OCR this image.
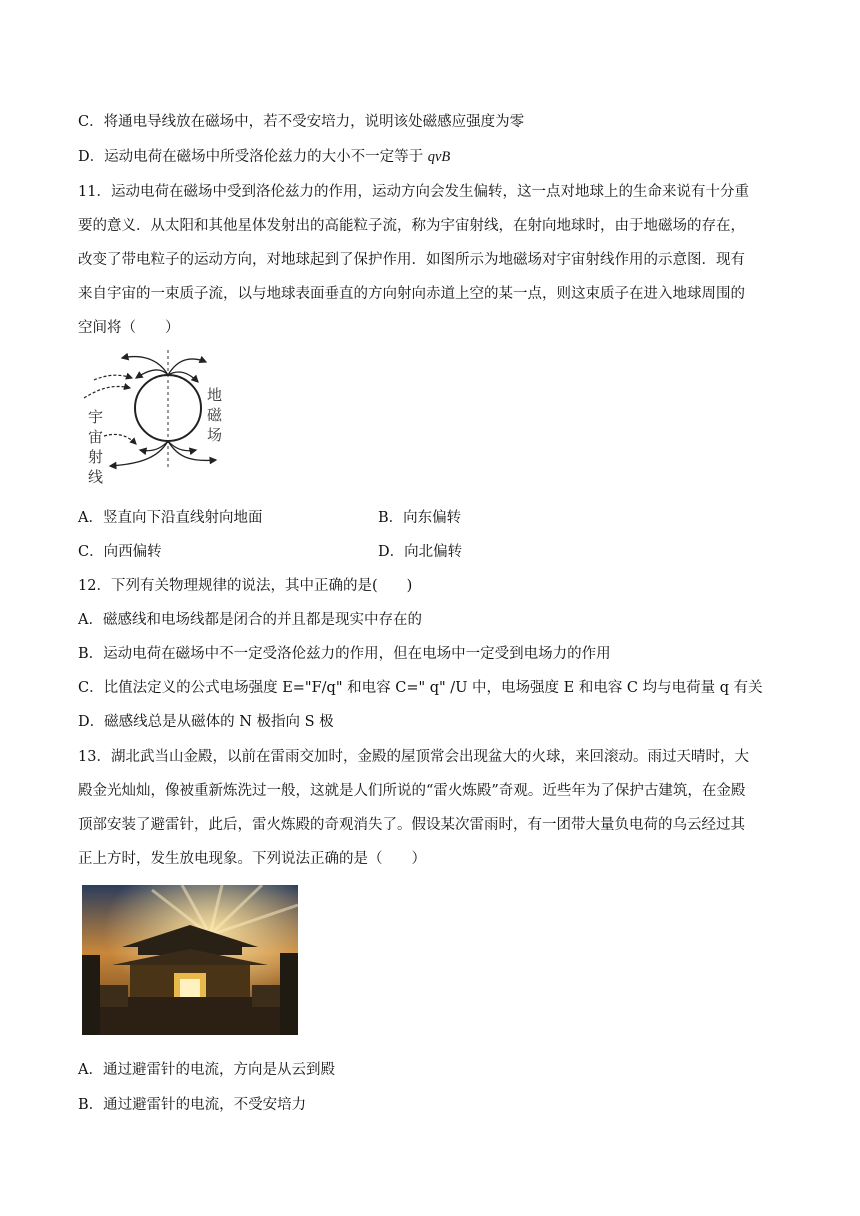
C．将通电导线放在磁场中，若不受安培力，说明该处磁感应强度为零
D．运动电荷在磁场中所受洛伦兹力的大小不一定等于 qvB
11．运动电荷在磁场中受到洛伦兹力的作用，运动方向会发生偏转，这一点对地球上的生命来说有十分重
要的意义．从太阳和其他星体发射出的高能粒子流，称为宇宙射线，在射向地球时，由于地磁场的存在，
改变了带电粒子的运动方向，对地球起到了保护作用．如图所示为地磁场对宇宙射线作用的示意图．现有
来自宇宙的一束质子流，以与地球表面垂直的方向射向赤道上空的某一点，则这束质子在进入地球周围的
空间将（　　）
宇
宙
射
线
地
磁
场
A．竖直向下沿直线射向地面	B．向东偏转
C．向西偏转	D．向北偏转
12．下列有关物理规律的说法，其中正确的是(　　)
A．磁感线和电场线都是闭合的并且都是现实中存在的
B．运动电荷在磁场中不一定受洛伦兹力的作用，但在电场中一定受到电场力的作用
C．比值法定义的公式电场强度 E="F/q" 和电容 C=" q" /U 中，电场强度 E 和电容 C 均与电荷量 q 有关
D．磁感线总是从磁体的 N 极指向 S 极
13．湖北武当山金殿，以前在雷雨交加时，金殿的屋顶常会出现盆大的火球，来回滚动。雨过天晴时，大
殿金光灿灿，像被重新炼洗过一般，这就是人们所说的“雷火炼殿”奇观。近些年为了保护古建筑，在金殿
顶部安装了避雷针，此后，雷火炼殿的奇观消失了。假设某次雷雨时，有一团带大量负电荷的乌云经过其
正上方时，发生放电现象。下列说法正确的是（　　）
A．通过避雷针的电流，方向是从云到殿
B．通过避雷针的电流，不受安培力
